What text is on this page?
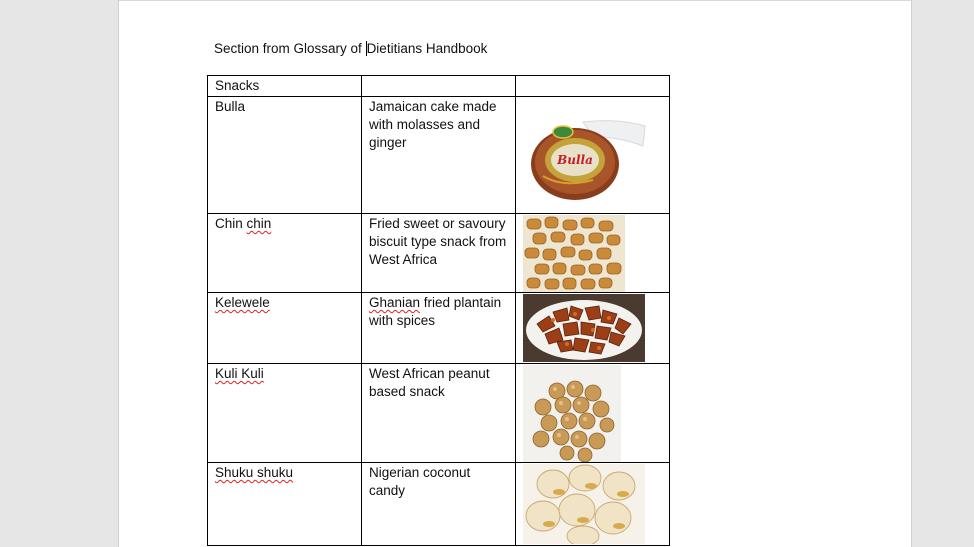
Section from Glossary of Dietitians Handbook
Snacks		
Bulla	Jamaican cake made
with molasses and
ginger	Bulla

Chin chin	Fried sweet or savoury
biscuit type snack from
West Africa

Kelewele	Ghanian fried plantain
with spices

Kuli Kuli	West African peanut
based snack

Shuku shuku	Nigerian coconut
candy
